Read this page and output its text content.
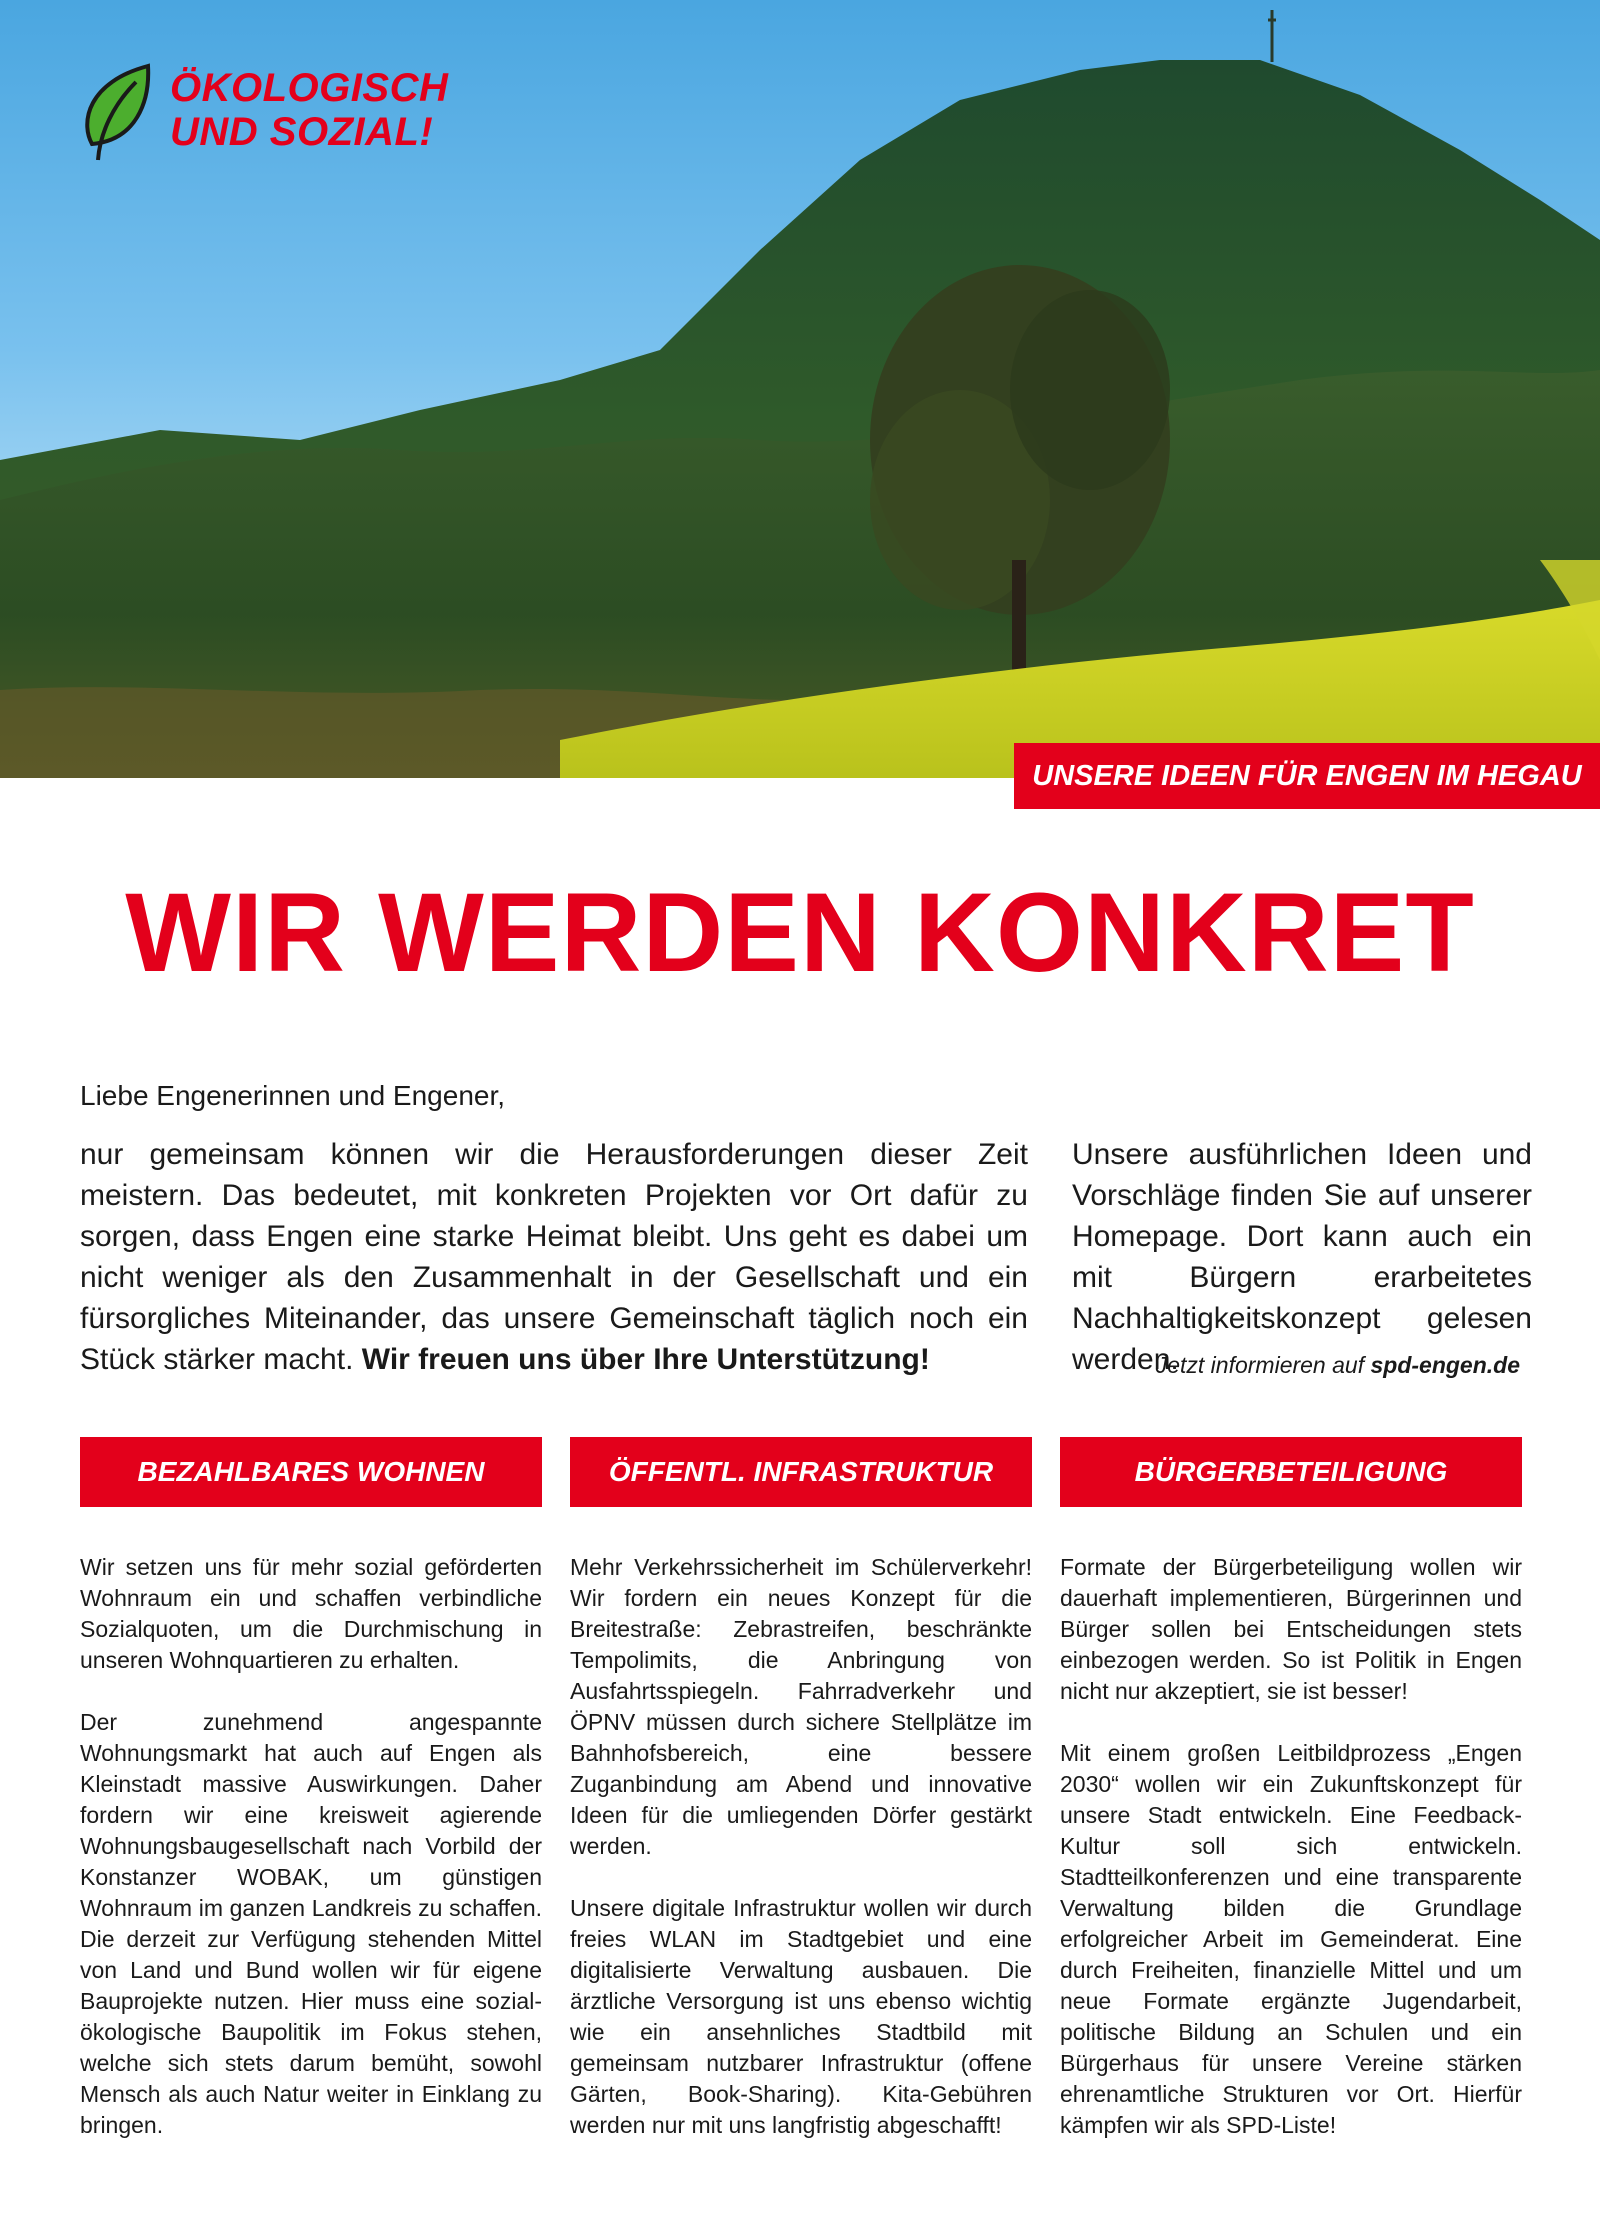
ÖKOLOGISCH
UND SOZIAL!
UNSERE IDEEN FÜR ENGEN IM HEGAU
WIR WERDEN KONKRET
Liebe Engenerinnen und Engener,

nur gemeinsam können wir die Herausforderungen dieser Zeit meistern. Das bedeutet, mit konkreten Projekten vor Ort dafür zu sorgen, dass Engen eine starke Heimat bleibt. Uns geht es dabei um nicht weniger als den Zusammenhalt in der Gesellschaft und ein fürsorgliches Miteinander, das unsere Gemeinschaft täglich noch ein Stück stärker macht. Wir freuen uns über Ihre Unterstützung!

Unsere ausführlichen Ideen und Vorschläge finden Sie auf unserer Homepage. Dort kann auch ein mit Bürgern erarbeitetes Nachhaltigkeitskonzept gelesen werden.

Jetzt informieren auf spd-engen.de
BEZAHLBARES WOHNEN	ÖFFENTL. INFRASTRUKTUR	BÜRGERBETEILIGUNG

Wir setzen uns für mehr sozial geförderten Wohnraum ein und schaffen verbindliche Sozialquoten, um die Durchmischung in unseren Wohnquartieren zu erhalten.

Der zunehmend angespannte Wohnungsmarkt hat auch auf Engen als Kleinstadt massive Auswirkungen. Daher fordern wir eine kreisweit agierende Wohnungsbaugesellschaft nach Vorbild der Konstanzer WOBAK, um günstigen Wohnraum im ganzen Landkreis zu schaffen. Die derzeit zur Verfügung stehenden Mittel von Land und Bund wollen wir für eigene Bauprojekte nutzen. Hier muss eine sozial-ökologische Baupolitik im Fokus stehen, welche sich stets darum bemüht, sowohl Mensch als auch Natur weiter in Einklang zu bringen.

Mehr Verkehrssicherheit im Schülerverkehr! Wir fordern ein neues Konzept für die Breitestraße: Zebrastreifen, beschränkte Tempolimits, die Anbringung von Ausfahrtsspiegeln. Fahrradverkehr und ÖPNV müssen durch sichere Stellplätze im Bahnhofsbereich, eine bessere Zuganbindung am Abend und innovative Ideen für die umliegenden Dörfer gestärkt werden.

Unsere digitale Infrastruktur wollen wir durch freies WLAN im Stadtgebiet und eine digitalisierte Verwaltung ausbauen. Die ärztliche Versorgung ist uns ebenso wichtig wie ein ansehnliches Stadtbild mit gemeinsam nutzbarer Infrastruktur (offene Gärten, Book-Sharing). Kita-Gebühren werden nur mit uns langfristig abgeschafft!

Formate der Bürgerbeteiligung wollen wir dauerhaft implementieren, Bürgerinnen und Bürger sollen bei Entscheidungen stets einbezogen werden. So ist Politik in Engen nicht nur akzeptiert, sie ist besser!

Mit einem großen Leitbildprozess „Engen 2030“ wollen wir ein Zukunftskonzept für unsere Stadt entwickeln. Eine Feedback-Kultur soll sich entwickeln. Stadtteilkonferenzen und eine transparente Verwaltung bilden die Grundlage erfolgreicher Arbeit im Gemeinderat. Eine durch Freiheiten, finanzielle Mittel und um neue Formate ergänzte Jugendarbeit, politische Bildung an Schulen und ein Bürgerhaus für unsere Vereine stärken ehrenamtliche Strukturen vor Ort. Hierfür kämpfen wir als SPD-Liste!
